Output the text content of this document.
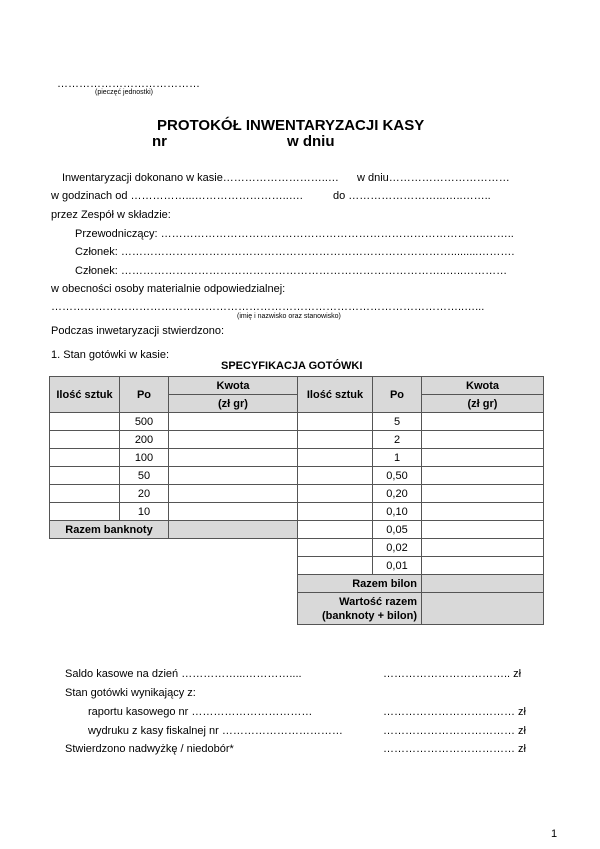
…………………………………
(pieczęć jednostki)
PROTOKÓŁ INWENTARYZACJI KASY
nr	w dniu
Inwentaryzacji dokonano w kasie………………………..… w dniu……………………………
w godzinach od ……………...……………………..….	do ……………………...…..……..
przez Zespół w składzie:
Przewodniczący: ……………………………………………………………………………..……..
Członek: ……………………………………………………………………………….........……….
Członek: ……………………………………………………………………………..…..…………
w obecności osoby materialnie odpowiedzialnej:
…………………………………………………………………………………………………..…...
(imię i nazwisko oraz stanowisko)
Podczas inwetaryzacji stwierdzono:
1. Stan gotówki w kasie:
SPECYFIKACJA GOTÓWKI
Ilość sztuk	Po	Kwota		Ilość sztuk	Po	Kwota
		(zł gr)			(zł gr)
	500				5	
	200				2	
	100				1	
	50				0,50	
	20				0,20	
	10				0,10	
Razem banknoty				0,05	
					0,02	
					0,01	
				Razem bilon		

				Wartość razem
(banknoty + bilon)		

Saldo kasowe na dzień ……………...…………....	…………………………….. zł
Stan gotówki wynikający z:
raportu kasowego nr ……………………………	……………………………… zł
wydruku z kasy fiskalnej nr ……………………………	……………………………… zł
Stwierdzono nadwyżkę / niedobór*	……………………………… zł
1
